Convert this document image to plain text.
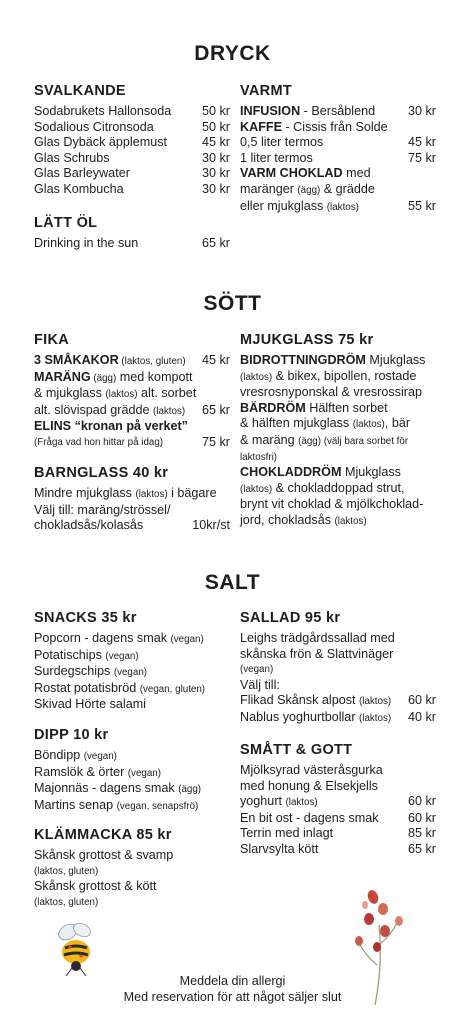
DRYCK
SVALKANDE
Sodabrukets Hallonsoda	50 kr
Sodalious Citronsoda	50 kr
Glas Dybäck äpplemust	45 kr
Glas Schrubs	30 kr
Glas Barleywater	30 kr
Glas Kombucha	30 kr
LÄTT ÖL
Drinking in the sun	65 kr
VARMT
INFUSION - Bersåblend	30 kr
KAFFE - Cissis från Solde
0,5 liter termos	45 kr
1 liter termos	75 kr
VARM CHOKLAD med
maränger (ägg) & grädde
eller mjukglass (laktos)	55 kr
SÖTT
FIKA
3 SMÅKAKOR (laktos, gluten)	45 kr
MARÄNG (ägg) med kompott
& mjukglass (laktos) alt. sorbet
alt. slövispad grädde (laktos)	65 kr
ELINS “kronan på verket”
(Fråga vad hon hittar på idag)	75 kr
BARNGLASS 40 kr
Mindre mjukglass (laktos) i bägare
Välj till: maräng/strössel/
chokladsås/kolasås	10kr/st
MJUKGLASS 75 kr
BIDROTTNINGDRÖM Mjukglass
(laktos) & bikex, bipollen, rostade
vresrosnyponskal & vresrossirap
BÄRDRÖM Hälften sorbet
& hälften mjukglass (laktos), bär
& maräng (ägg) (välj bara sorbet för
laktosfri)
CHOKLADDRÖM Mjukglass
(laktos) & chokladdoppad strut,
brynt vit choklad & mjölkchoklad-
jord, chokladsås (laktos)
SALT
SNACKS 35 kr
Popcorn - dagens smak (vegan)
Potatischips (vegan)
Surdegschips (vegan)
Rostat potatisbröd (vegan, gluten)
Skivad Hörte salami
DIPP 10 kr
Böndipp (vegan)
Ramslök & örter (vegan)
Majonnäs - dagens smak (ägg)
Martins senap (vegan, senapsfrö)
KLÄMMACKA 85 kr
Skånsk grottost & svamp
(laktos, gluten)
Skånsk grottost & kött
(laktos, gluten)
SALLAD 95 kr
Leighs trädgårdssallad med
skånska frön & Slattvinäger
(vegan)
Välj till:
Flikad Skånsk alpost (laktos)	60 kr
Nablus yoghurtbollar (laktos)	40 kr
SMÅTT & GOTT
Mjölksyrad västeråsgurka
med honung & Elsekjells
yoghurt (laktos)	60 kr
En bit ost - dagens smak	60 kr
Terrin med inlagt	85 kr
Slarvsylta kött	65 kr
Meddela din allergi
Med reservation för att något säljer slut
